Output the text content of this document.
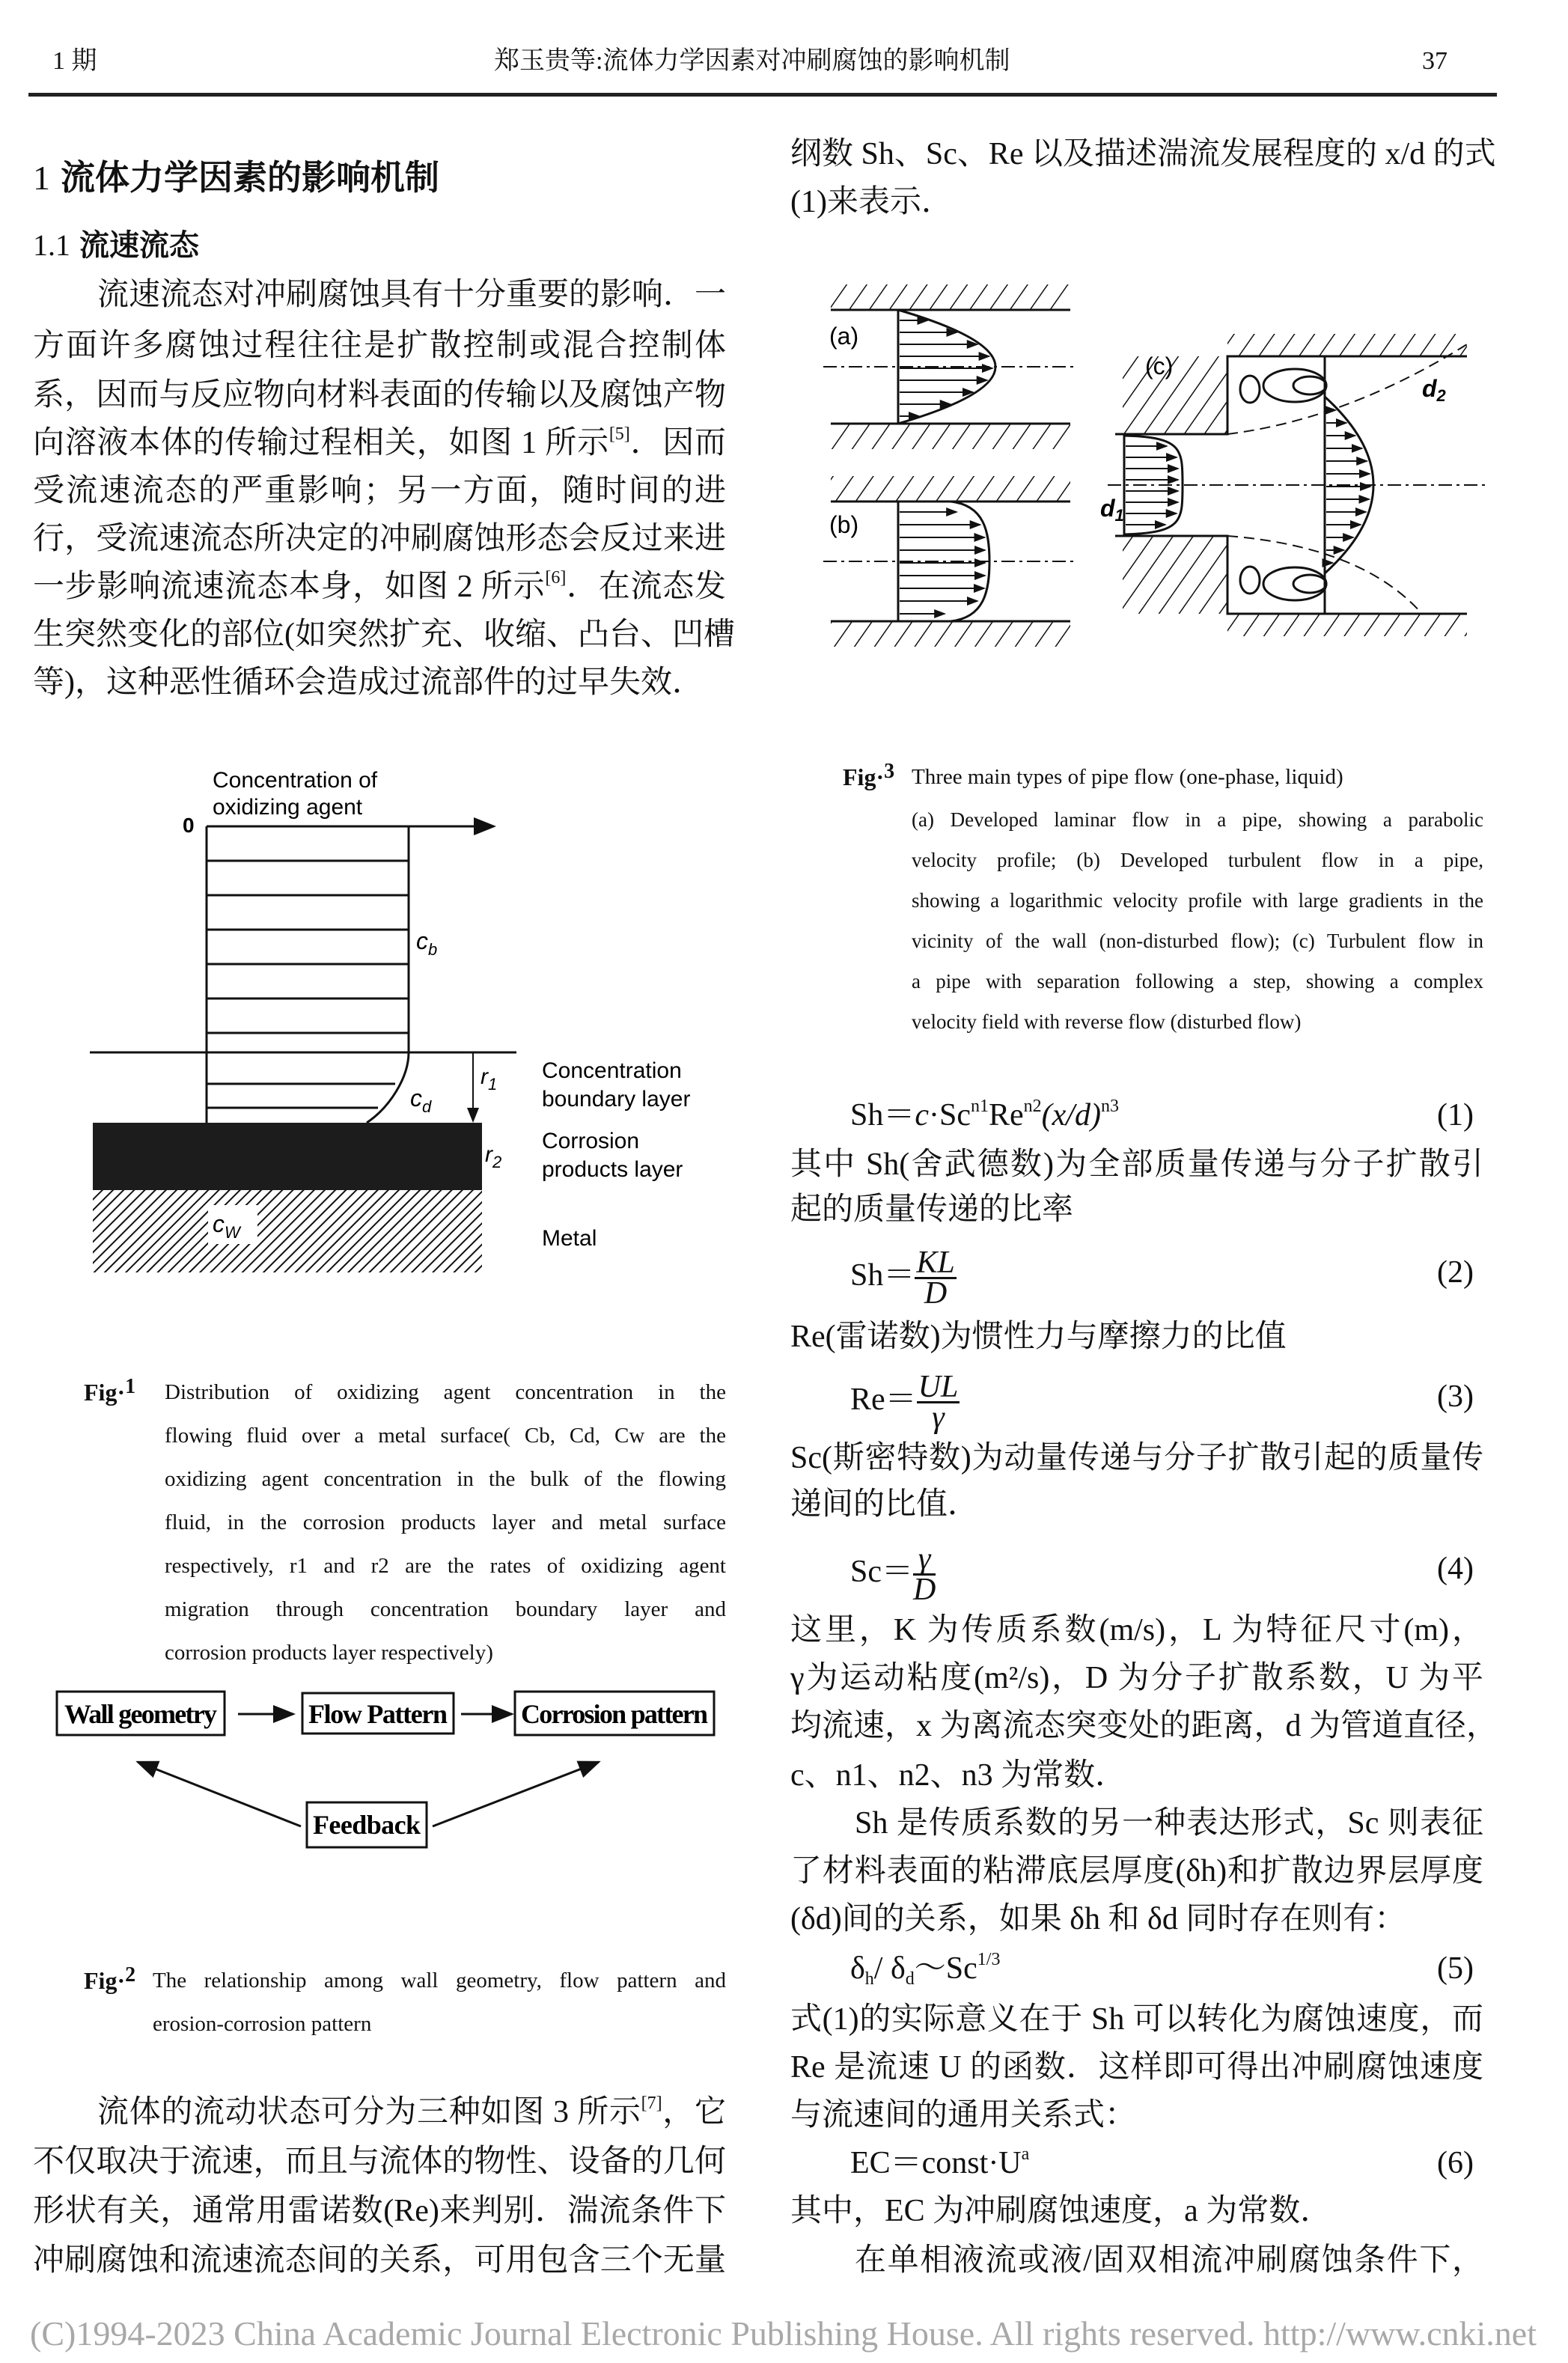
1 期	郑玉贵等:流体力学因素对冲刷腐蚀的影响机制	37
1 流体力学因素的影响机制
1.1 流速流态
流速流态对冲刷腐蚀具有十分重要的影响．一
方面许多腐蚀过程往往是扩散控制或混合控制体
系，因而与反应物向材料表面的传输以及腐蚀产物
向溶液本体的传输过程相关，如图 1 所示[5]．因而
受流速流态的严重影响；另一方面，随时间的进
行，受流速流态所决定的冲刷腐蚀形态会反过来进
一步影响流速流态本身，如图 2 所示[6]．在流态发
生突然变化的部位(如突然扩充、收缩、凸台、凹槽
等)，这种恶性循环会造成过流部件的过早失效．
Concentration of
oxidizing agent
0
$c_b$
$c_d$
$c_W$
$r_1$
$r_2$
Concentration
boundary layer
Corrosion
products layer
Metal
Fig·$^1$ Distribution of oxidizing agent concentration in the
flowing fluid over a metal surface( Cb, Cd, Cw are the
oxidizing agent concentration in the bulk of the flowing
fluid, in the corrosion products layer and metal surface
respectively, r1 and r2 are the rates of oxidizing agent
migration through concentration boundary layer and
corrosion products layer respectively)
Wall geometry	Flow Pattern	Corrosion pattern
Feedback
Fig·$^2$ The relationship among wall geometry, flow pattern and
erosion-corrosion pattern
流体的流动状态可分为三种如图 3 所示[7]，它
不仅取决于流速，而且与流体的物性、设备的几何
形状有关，通常用雷诺数(Re)来判别．湍流条件下
冲刷腐蚀和流速流态间的关系，可用包含三个无量
纲数 Sh、Sc、Re 以及描述湍流发展程度的 x/d 的式
(1)来表示．
(a)
(b)
(c)
d1
d2
Fig·$^3$ Three main types of pipe flow (one-phase, liquid)
(a) Developed laminar flow in a pipe, showing a parabolic
velocity profile; (b) Developed turbulent flow in a pipe,
showing a logarithmic velocity profile with large gradients in the
vicinity of the wall (non-disturbed flow); (c) Turbulent flow in
a pipe with separation following a step, showing a complex
velocity field with reverse flow (disturbed flow)
$Sh=c\cdot Sc^{n1}Re^{n2}(x/d)^{n3}$	(1)
其中 Sh(舍武德数)为全部质量传递与分子扩散引
起的质量传递的比率
$Sh= \frac{KL}{D}$	(2)
Re(雷诺数)为惯性力与摩擦力的比值
$Re= \frac{UL}{\gamma}$	(3)
Sc(斯密特数)为动量传递与分子扩散引起的质量传
递间的比值．
$Sc= \frac{\gamma}{D}$	(4)
这里，K 为传质系数(m/s)，L 为特征尺寸(m)，
γ为运动粘度(m²/s)，D 为分子扩散系数，U 为平
均流速，x 为离流态突变处的距离，d 为管道直径，
c、n1、n2、n3 为常数．
Sh 是传质系数的另一种表达形式，Sc 则表征
了材料表面的粘滞底层厚度(δh)和扩散边界层厚度
(δd)间的关系，如果 δh 和 δd 同时存在则有：
$\delta_h/$ $\delta_d\sim Sc^{1/3}$	(5)
式(1)的实际意义在于 Sh 可以转化为腐蚀速度，而
Re 是流速 U 的函数．这样即可得出冲刷腐蚀速度
与流速间的通用关系式：
$EC=const\cdot U^a$	(6)
其中，EC 为冲刷腐蚀速度，a 为常数．
在单相液流或液/固双相流冲刷腐蚀条件下，
(C)1994-2023 China Academic Journal Electronic Publishing House. All rights reserved. http://www.cnki.net
